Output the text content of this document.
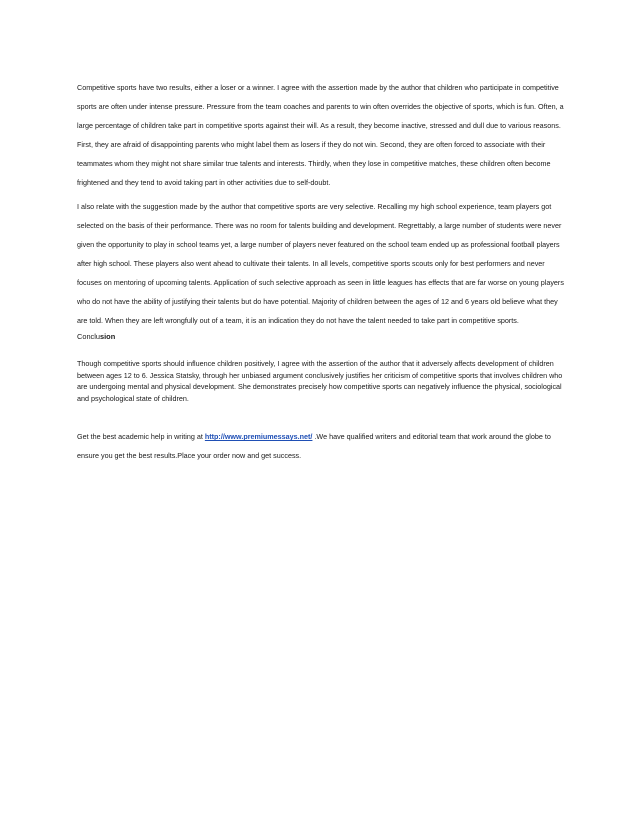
Competitive sports have two results, either a loser or a winner. I agree with the assertion made by the author that children who participate in competitive sports are often under intense pressure. Pressure from the team coaches and parents to win often overrides the objective of sports, which is fun. Often, a large percentage of children take part in competitive sports against their will. As a result, they become inactive, stressed and dull due to various reasons. First, they are afraid of disappointing parents who might label them as losers if they do not win. Second, they are often forced to associate with their teammates whom they might not share similar true talents and interests. Thirdly, when they lose in competitive matches, these children often become frightened and they tend to avoid taking part in other activities due to self-doubt.

I also relate with the suggestion made by the author that competitive sports are very selective. Recalling my high school experience, team players got selected on the basis of their performance. There was no room for talents building and development. Regrettably, a large number of students were never given the opportunity to play in school teams yet, a large number of players never featured on the school team ended up as professional football players after high school. These players also went ahead to cultivate their talents. In all levels, competitive sports scouts only for best performers and never focuses on mentoring of upcoming talents. Application of such selective approach as seen in little leagues has effects that are far worse on young players who do not have the ability of justifying their talents but do have potential. Majority of children between the ages of 12 and 6 years old believe what they are told. When they are left wrongfully out of a team, it is an indication they do not have the talent needed to take part in competitive sports.

Conclusion

Though competitive sports should influence children positively, I agree with the assertion of the author that it adversely affects development of children between ages 12 to 6. Jessica Statsky, through her unbiased argument conclusively justifies her criticism of competitive sports that involves children who are undergoing mental and physical development. She demonstrates precisely how competitive sports can negatively influence the physical, sociological and psychological state of children.

Get the best academic help in writing at http://www.premiumessays.net/ .We have qualified writers and editorial team that work around the globe to ensure you get the best results.Place your order now and get success.
